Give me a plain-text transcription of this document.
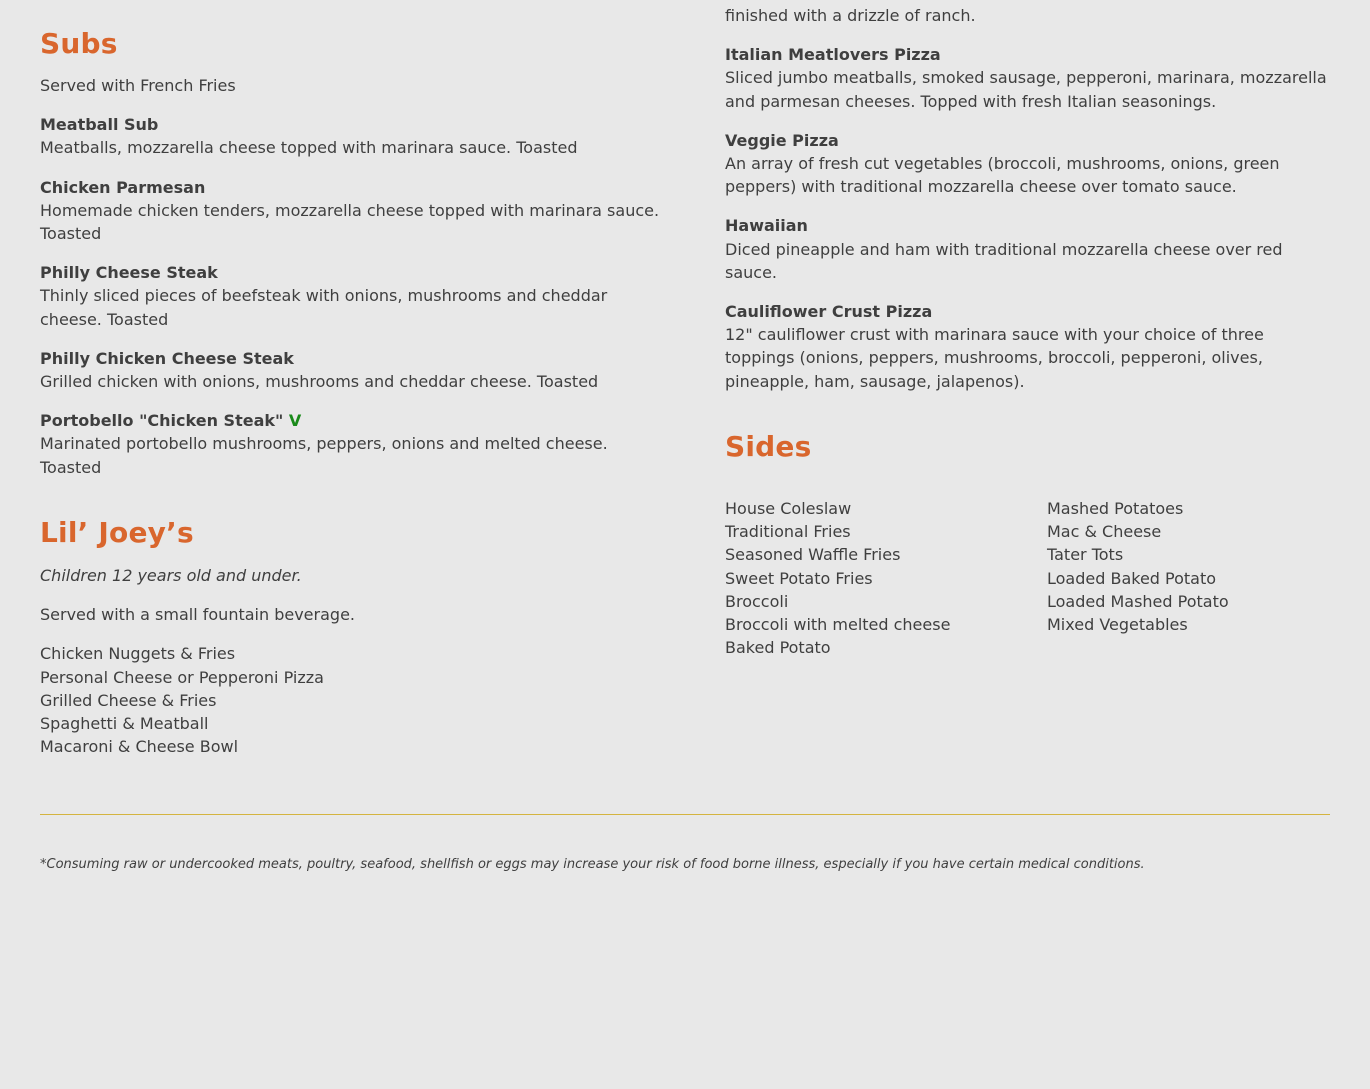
Subs

Served with French Fries

Meatball Sub
Meatballs, mozzarella cheese topped with marinara sauce. Toasted
Chicken Parmesan
Homemade chicken tenders, mozzarella cheese topped with marinara sauce. Toasted
Philly Cheese Steak
Thinly sliced pieces of beefsteak with onions, mushrooms and cheddar cheese. Toasted
Philly Chicken Cheese Steak
Grilled chicken with onions, mushrooms and cheddar cheese. Toasted
Portobello "Chicken Steak" V
Marinated portobello mushrooms, peppers, onions and melted cheese. Toasted
Lil’ Joey’s

Children 12 years old and under.

Served with a small fountain beverage.

Chicken Nuggets & Fries
Personal Cheese or Pepperoni Pizza
Grilled Cheese & Fries
Spaghetti & Meatball
Macaroni & Cheese Bowl
finished with a drizzle of ranch.
Italian Meatlovers Pizza
Sliced jumbo meatballs, smoked sausage, pepperoni, marinara, mozzarella and parmesan cheeses. Topped with fresh Italian seasonings.
Veggie Pizza
An array of fresh cut vegetables (broccoli, mushrooms, onions, green peppers) with traditional mozzarella cheese over tomato sauce.
Hawaiian
Diced pineapple and ham with traditional mozzarella cheese over red sauce.
Cauliflower Crust Pizza
12" cauliflower crust with marinara sauce with your choice of three toppings (onions, peppers, mushrooms, broccoli, pepperoni, olives, pineapple, ham, sausage, jalapenos).
Sides
House Coleslaw
Traditional Fries
Seasoned Waffle Fries
Sweet Potato Fries
Broccoli
Broccoli with melted cheese
Baked Potato
Mashed Potatoes
Mac & Cheese
Tater Tots
Loaded Baked Potato
Loaded Mashed Potato
Mixed Vegetables
*Consuming raw or undercooked meats, poultry, seafood, shellfish or eggs may increase your risk of food borne illness, especially if you have certain medical conditions.
